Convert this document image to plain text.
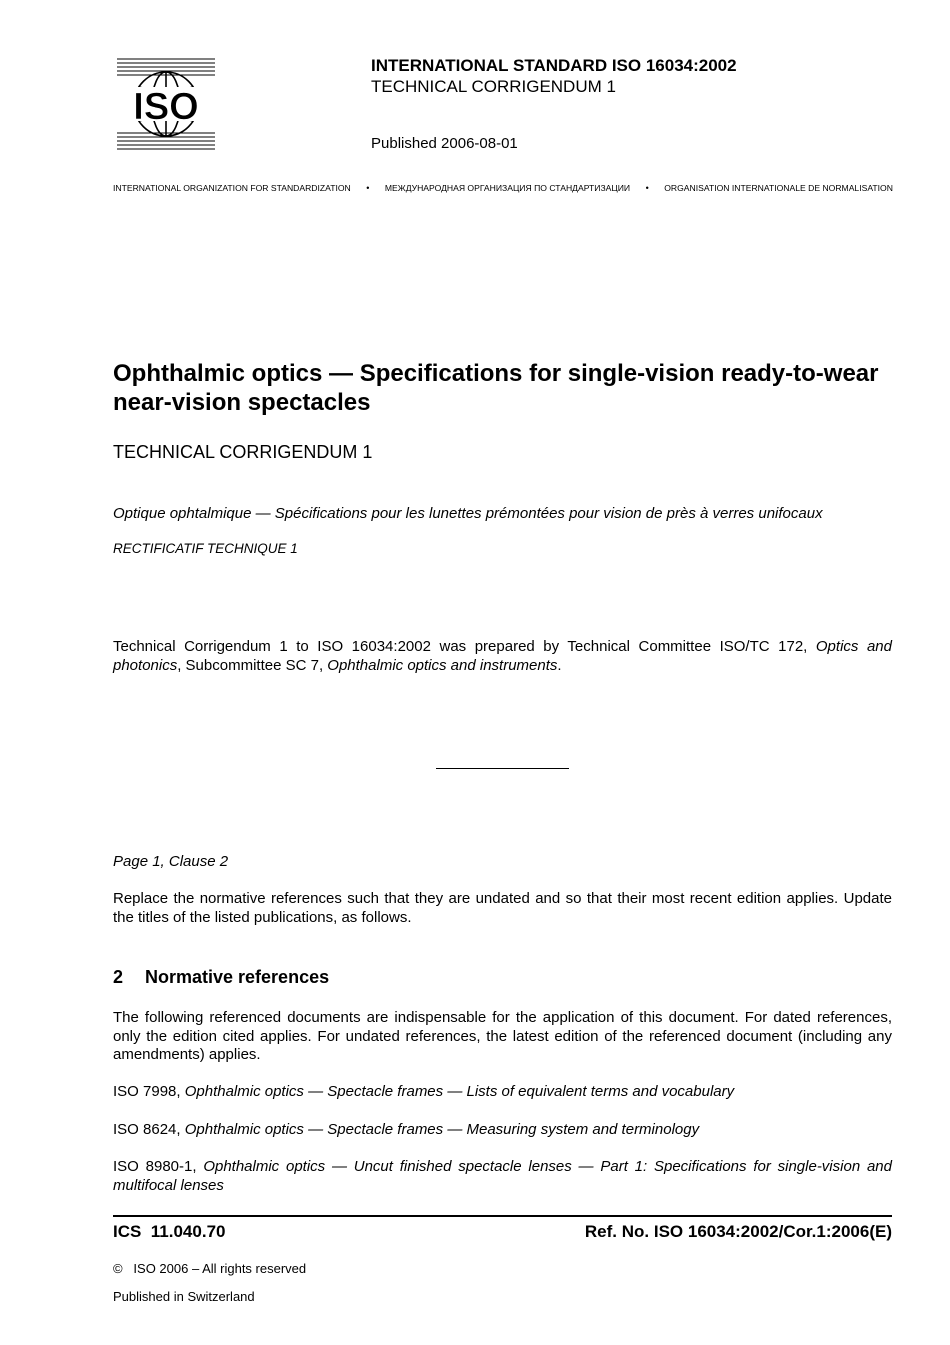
ISO
INTERNATIONAL STANDARD ISO 16034:2002
TECHNICAL CORRIGENDUM 1
Published 2006-08-01
INTERNATIONAL ORGANIZATION FOR STANDARDIZATION • МЕЖДУНАРОДНАЯ ОРГАНИЗАЦИЯ ПО СТАНДАРТИЗАЦИИ • ORGANISATION INTERNATIONALE DE NORMALISATION
Ophthalmic optics — Specifications for single-vision ready-to-wear near-vision spectacles
TECHNICAL CORRIGENDUM 1
Optique ophtalmique — Spécifications pour les lunettes prémontées pour vision de près à verres unifocaux
RECTIFICATIF TECHNIQUE 1
Technical Corrigendum 1 to ISO 16034:2002 was prepared by Technical Committee ISO/TC 172, Optics and photonics, Subcommittee SC 7, Ophthalmic optics and instruments.
Page 1, Clause 2
Replace the normative references such that they are undated and so that their most recent edition applies. Update the titles of the listed publications, as follows.
2 Normative references
The following referenced documents are indispensable for the application of this document. For dated references, only the edition cited applies. For undated references, the latest edition of the referenced document (including any amendments) applies.
ISO 7998, Ophthalmic optics — Spectacle frames — Lists of equivalent terms and vocabulary
ISO 8624, Ophthalmic optics — Spectacle frames — Measuring system and terminology
ISO 8980-1, Ophthalmic optics — Uncut finished spectacle lenses — Part 1: Specifications for single-vision and multifocal lenses
ICS  11.040.70	Ref. No. ISO 16034:2002/Cor.1:2006(E)
©   ISO 2006 – All rights reserved
Published in Switzerland
